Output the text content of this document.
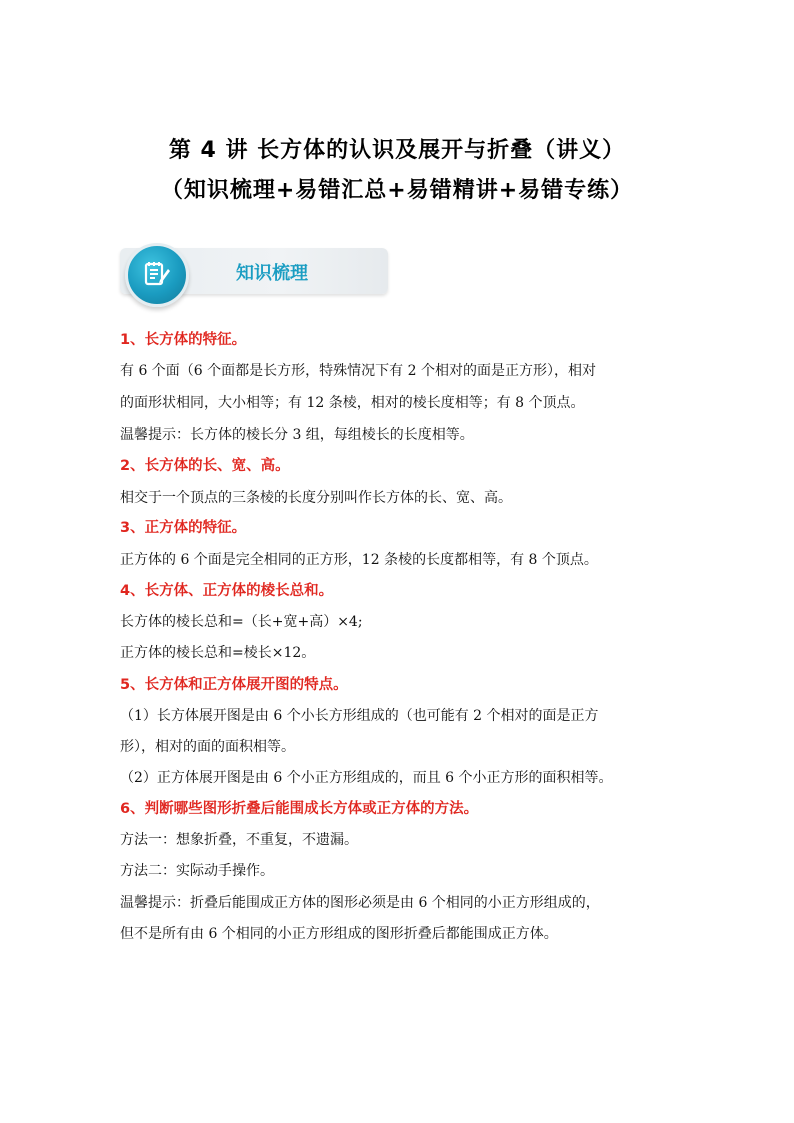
第 4 讲 长方体的认识及展开与折叠（讲义）
（知识梳理+易错汇总+易错精讲+易错专练）
知识梳理
1、长方体的特征。
有 6 个面（6 个面都是长方形，特殊情况下有 2 个相对的面是正方形），相对
的面形状相同，大小相等；有 12 条棱，相对的棱长度相等；有 8 个顶点。
温馨提示：长方体的棱长分 3 组，每组棱长的长度相等。
2、长方体的长、宽、高。
相交于一个顶点的三条棱的长度分别叫作长方体的长、宽、高。
3、正方体的特征。
正方体的 6 个面是完全相同的正方形，12 条棱的长度都相等，有 8 个顶点。
4、长方体、正方体的棱长总和。
长方体的棱长总和=（长+宽+高）×4;
正方体的棱长总和=棱长×12。
5、长方体和正方体展开图的特点。
（1）长方体展开图是由 6 个小长方形组成的（也可能有 2 个相对的面是正方
形），相对的面的面积相等。
（2）正方体展开图是由 6 个小正方形组成的，而且 6 个小正方形的面积相等。
6、判断哪些图形折叠后能围成长方体或正方体的方法。
方法一：想象折叠，不重复，不遗漏。
方法二：实际动手操作。
温馨提示：折叠后能围成正方体的图形必须是由 6 个相同的小正方形组成的，
但不是所有由 6 个相同的小正方形组成的图形折叠后都能围成正方体。
